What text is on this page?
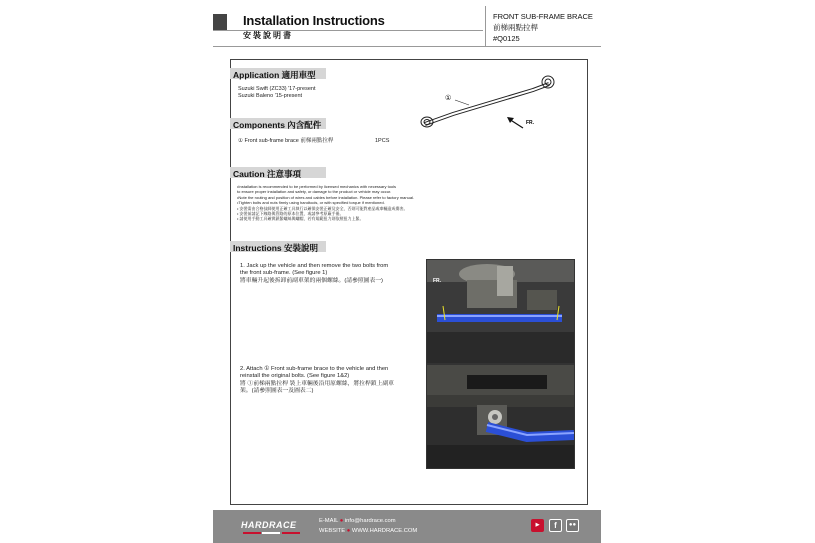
Installation Instructions
安裝說明書
FRONT SUB-FRAME BRACE
前梯兩點拉桿
#Q0125
Application 適用車型
Suzuki Swift (ZC33) '17-present
Suzuki Baleno '15-present	①
FR.
Components 內含配件
① Front sub-frame brace 前梯兩點拉桿	1PCS
Caution 注意事項
•Installation is recommended to be performed by licensed mechanics with necessary tools
to ensure proper installation and safety, or damage to the product or vehicle may occur.
•Note the routing and position of wires and cables before installation. Please refer to factory manual.
•Tighten bolts and nuts firmly using handtools, or with specified torque if mentioned.
• 安裝需由合格技師使用正確工具執行以確保安裝正確及安全，否則可能對產品或車輛造成傷害。
• 安裝前請記下線路與管路的原本位置，或請參考原廠手冊。
• 請使用手動工具確實鎖緊螺絲與螺帽，若有規範扭力則依照扭力上緊。
Instructions 安裝說明
1. Jack up the vehicle and then remove the two bolts from
the front sub-frame. (See figure 1)
將車輛升起後拆卸前副車架的兩個螺絲。(請參照圖表一)	FR.
2. Attach ① Front sub-frame brace to the vehicle and then
reinstall the original bolts. (See figure 1&2)
將 ①前梯兩點拉桿 裝上車輛後沿用原螺絲，將拉桿鎖上副車
架。(請參照圖表一及圖表二)
HARDRACE
	E-MAIL ● info@hardrace.com
WEBSITE ● WWW.HARDRACE.COM
▶	f	●●
